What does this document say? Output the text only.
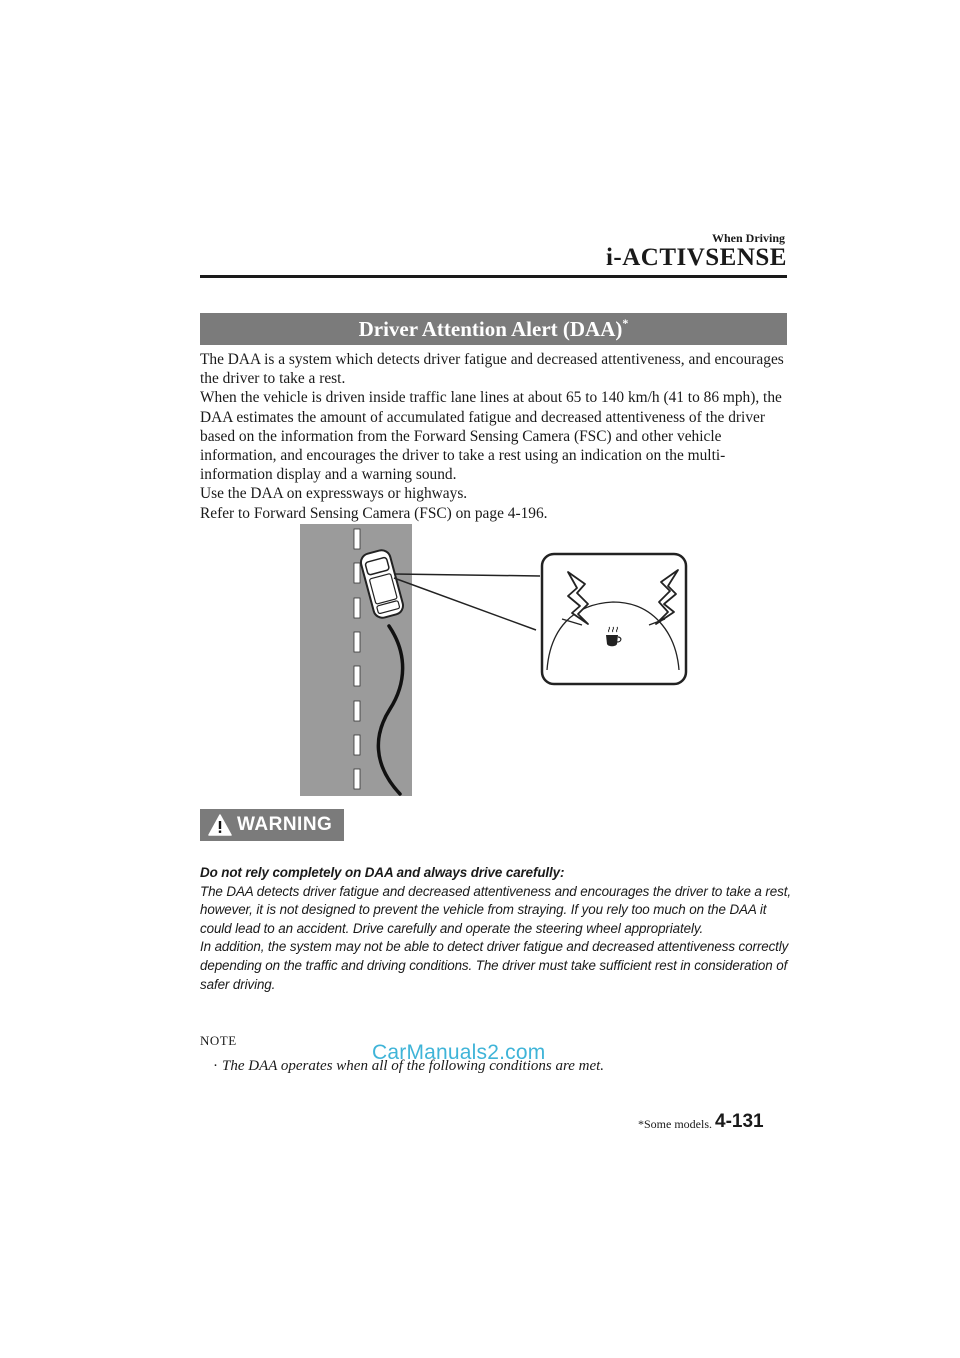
When Driving
i-ACTIVSENSE
Driver Attention Alert (DAA)*

The DAA is a system which detects driver fatigue and decreased attentiveness, and encourages the driver to take a rest.

When the vehicle is driven inside traffic lane lines at about 65 to 140 km/h (41 to 86 mph), the DAA estimates the amount of accumulated fatigue and decreased attentiveness of the driver based on the information from the Forward Sensing Camera (FSC) and other vehicle information, and encourages the driver to take a rest using an indication on the multi-information display and a warning sound.

Use the DAA on expressways or highways.

Refer to Forward Sensing Camera (FSC) on page 4-196.

WARNING

Do not rely completely on DAA and always drive carefully:

The DAA detects driver fatigue and decreased attentiveness and encourages the driver to take a rest, however, it is not designed to prevent the vehicle from straying. If you rely too much on the DAA it could lead to an accident. Drive carefully and operate the steering wheel appropriately.

In addition, the system may not be able to detect driver fatigue and decreased attentiveness correctly depending on the traffic and driving conditions. The driver must take sufficient rest in consideration of safer driving.

NOTE
· The DAA operates when all of the following conditions are met.
CarManuals2.com
*Some models. 4-131
